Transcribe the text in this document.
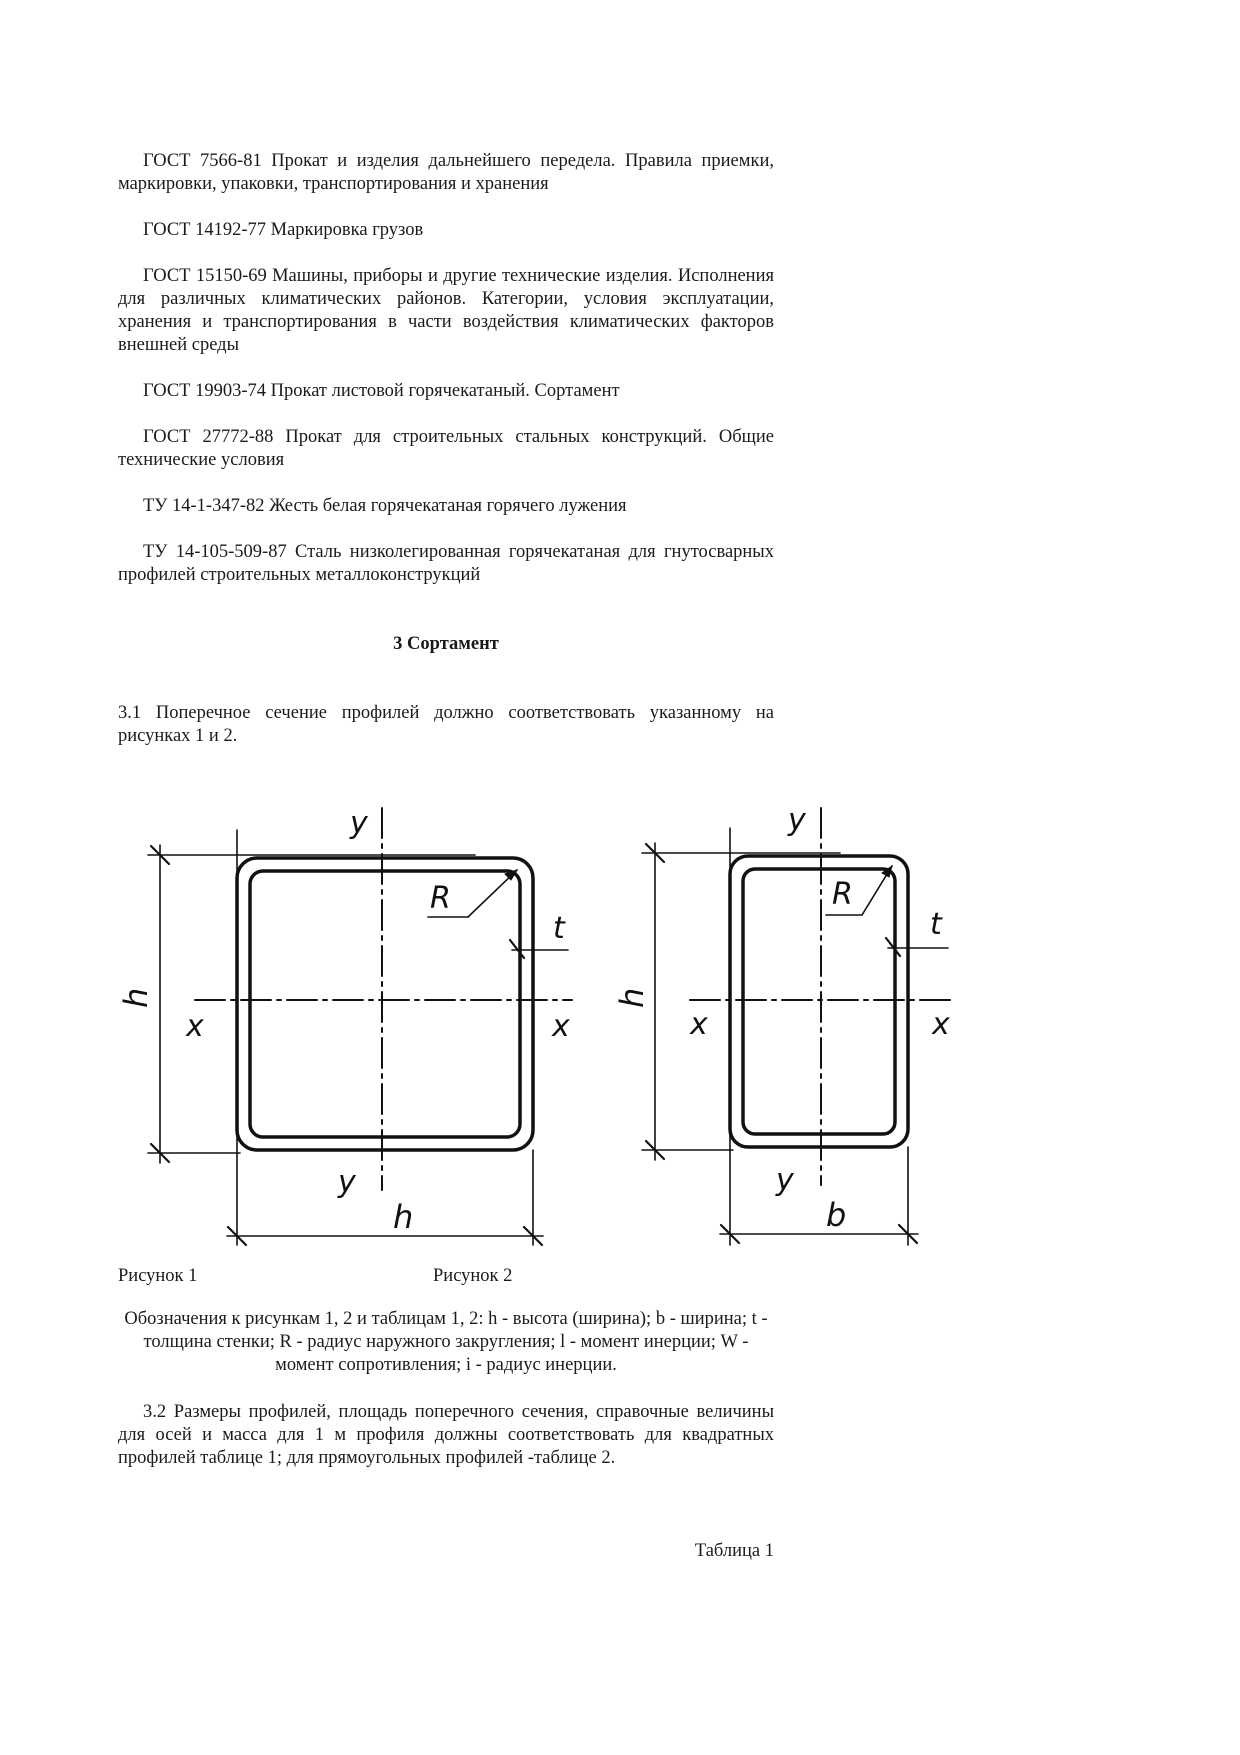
ГОСТ 7566-81 Прокат и изделия дальнейшего передела. Правила приемки, маркировки, упаковки, транспортирования и хранения

ГОСТ 14192-77 Маркировка грузов

ГОСТ 15150-69 Машины, приборы и другие технические изделия. Исполнения для различных климатических районов. Категории, условия эксплуатации, хранения и транспортирования в части воздействия климатических факторов внешней среды

ГОСТ 19903-74 Прокат листовой горячекатаный. Сортамент

ГОСТ 27772-88 Прокат для строительных стальных конструкций. Общие технические условия

ТУ 14-1-347-82 Жесть белая горячекатаная горячего лужения

ТУ 14-105-509-87 Сталь низколегированная горячекатаная для гнутосварных профилей строительных металлоконструкций

3 Сортамент

3.1 Поперечное сечение профилей должно соответствовать указанному на рисунках 1 и 2.

y
y
x	x
h
h
R
t
y
y
x	x
h
b
R
t

Рисунок 1	Рисунок 2

Обозначения к рисункам 1, 2 и таблицам 1, 2: h - высота (ширина); b - ширина; t - толщина стенки; R - радиус наружного закругления; l - момент инерции; W - момент сопротивления; i - радиус инерции.

3.2 Размеры профилей, площадь поперечного сечения, справочные величины для осей и масса для 1 м профиля должны соответствовать для квадратных профилей таблице 1; для прямоугольных профилей -таблице 2.

Таблица 1
